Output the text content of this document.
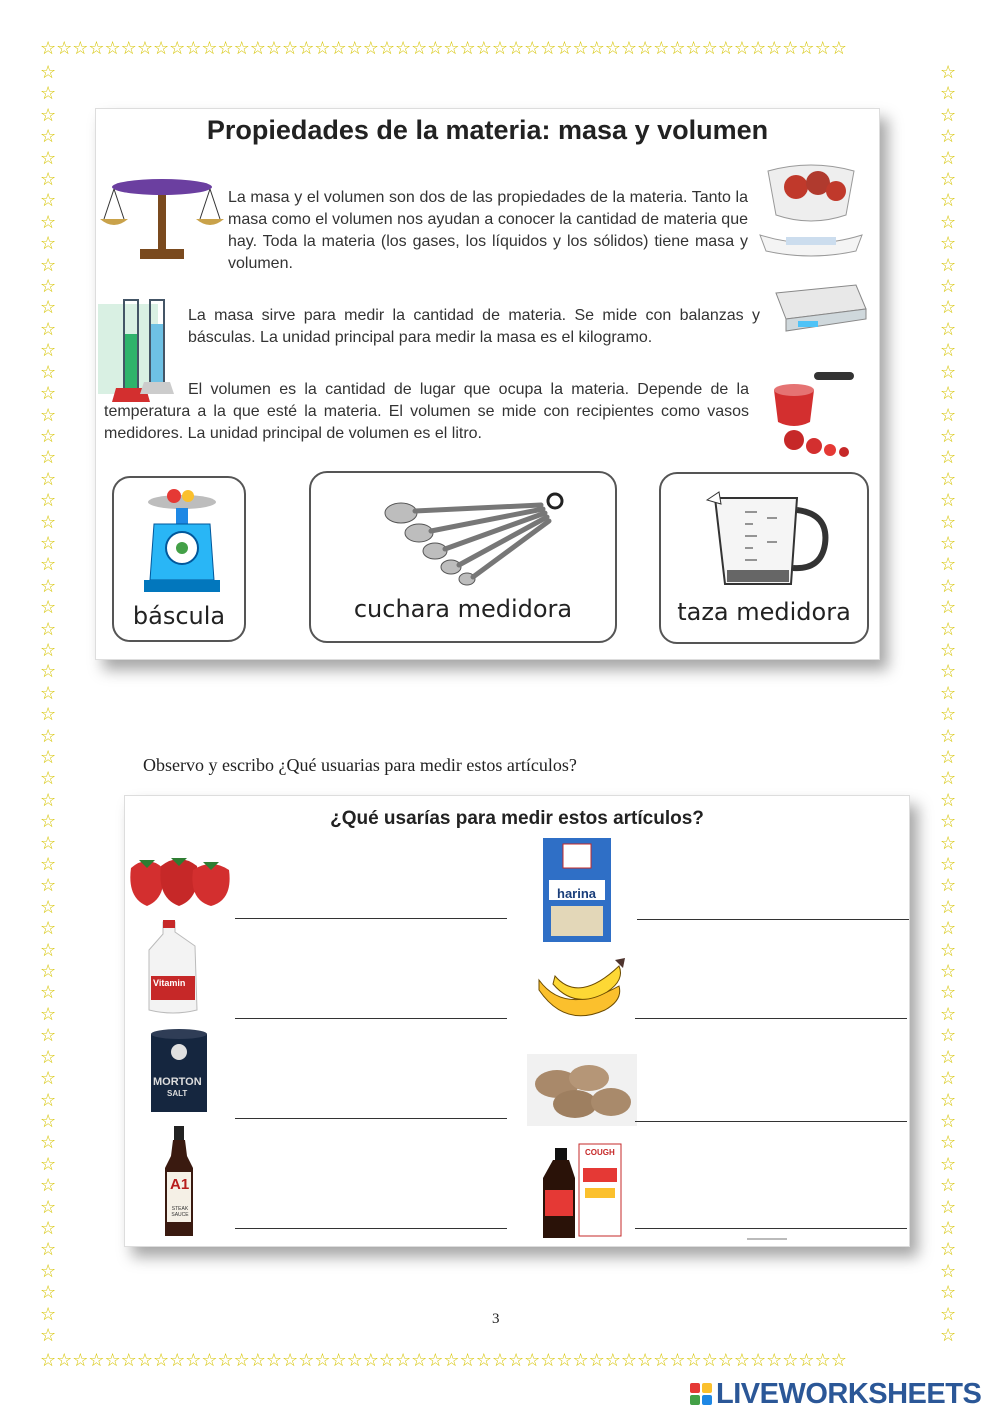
☆☆☆☆☆☆☆☆☆☆☆☆☆☆☆☆☆☆☆☆☆☆☆☆☆☆☆☆☆☆☆☆☆☆☆☆☆☆☆☆☆☆☆☆☆☆☆☆☆☆
☆☆☆☆☆☆☆☆☆☆☆☆☆☆☆☆☆☆☆☆☆☆☆☆☆☆☆☆☆☆☆☆☆☆☆☆☆☆☆☆☆☆☆☆☆☆☆☆☆☆
☆☆☆☆☆☆☆☆☆☆☆☆☆☆☆☆☆☆☆☆☆☆☆☆☆☆☆☆☆☆☆☆☆☆☆☆☆☆☆☆☆☆☆☆☆☆☆☆☆☆☆☆☆☆☆☆☆☆☆☆
☆☆☆☆☆☆☆☆☆☆☆☆☆☆☆☆☆☆☆☆☆☆☆☆☆☆☆☆☆☆☆☆☆☆☆☆☆☆☆☆☆☆☆☆☆☆☆☆☆☆☆☆☆☆☆☆☆☆☆☆
Propiedades de la materia: masa y volumen
La masa y el volumen son dos de las propiedades de la materia. Tanto la masa como el volumen nos ayudan a conocer la cantidad de materia que hay. Toda la materia (los gases, los líquidos y los sólidos) tiene masa y volumen.
La masa sirve para medir la cantidad de materia. Se mide con balanzas y básculas. La unidad principal para medir la masa es el kilogramo.
El volumen es la cantidad de lugar que ocupa la materia. Depende de la temperatura a la que esté la materia. El volumen se mide con recipientes como vasos medidores. La unidad principal de volumen es el litro.
báscula	cuchara medidora	taza medidora
Observo y escribo ¿Qué usuarias para medir estos artículos?
¿Qué usarías para medir estos artículos?
harina
Vitamin
MORTON
SALT
A1
STEAK SAUCE
COUGH
3
LIVEWORKSHEETS
